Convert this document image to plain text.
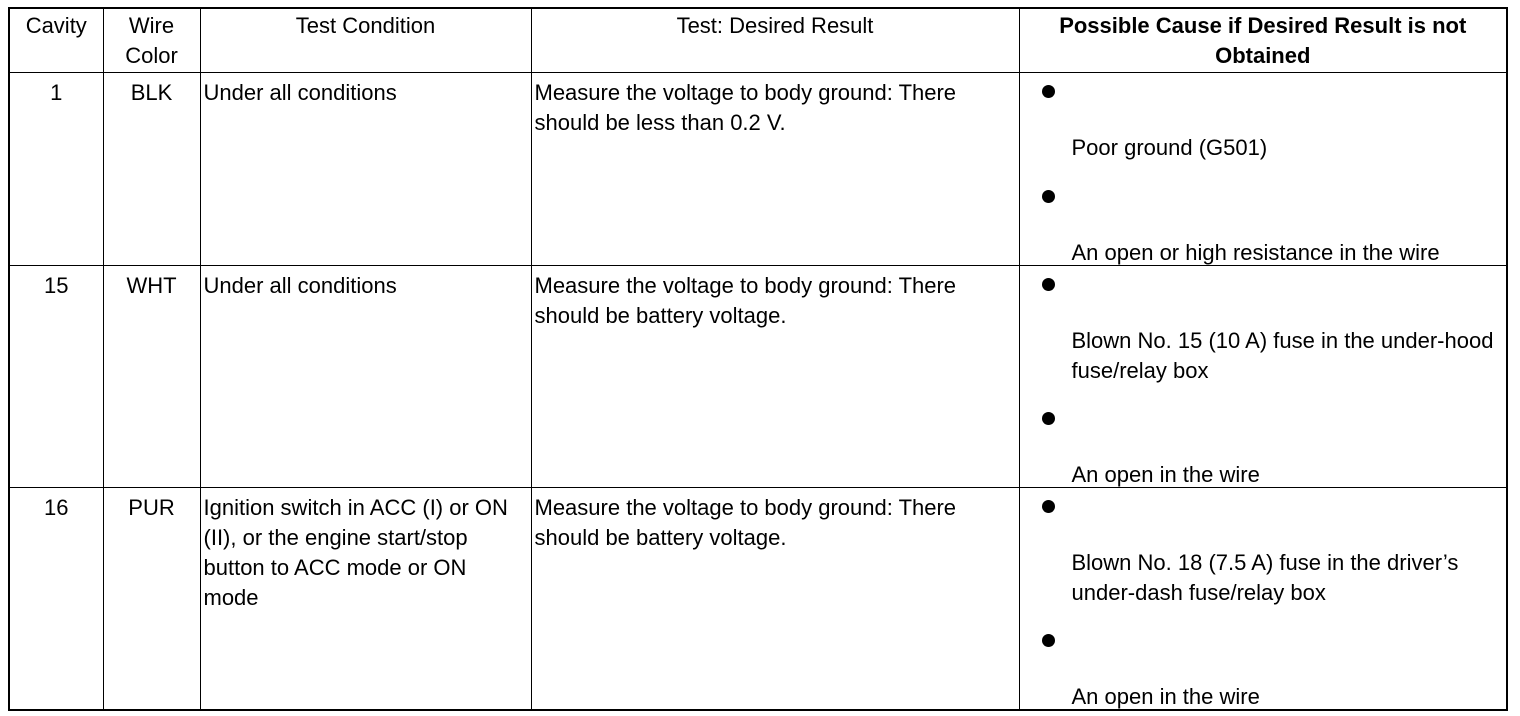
Cavity	Wire Color	Test Condition	Test: Desired Result	Possible Cause if Desired Result is not Obtained
1	BLK	Under all conditions	Measure the voltage to body ground: There should be less than 0.2 V.	Poor ground (G501)
An open or high resistance in the wire

15	WHT	Under all conditions	Measure the voltage to body ground: There should be battery voltage.	Blown No. 15 (10 A) fuse in the under-hood fuse/relay box
An open in the wire

16	PUR	Ignition switch in ACC (I) or ON (II), or the engine start/stop button to ACC mode or ON mode	Measure the voltage to body ground: There should be battery voltage.	Blown No. 18 (7.5 A) fuse in the driver’s under-dash fuse/relay box
An open in the wire
